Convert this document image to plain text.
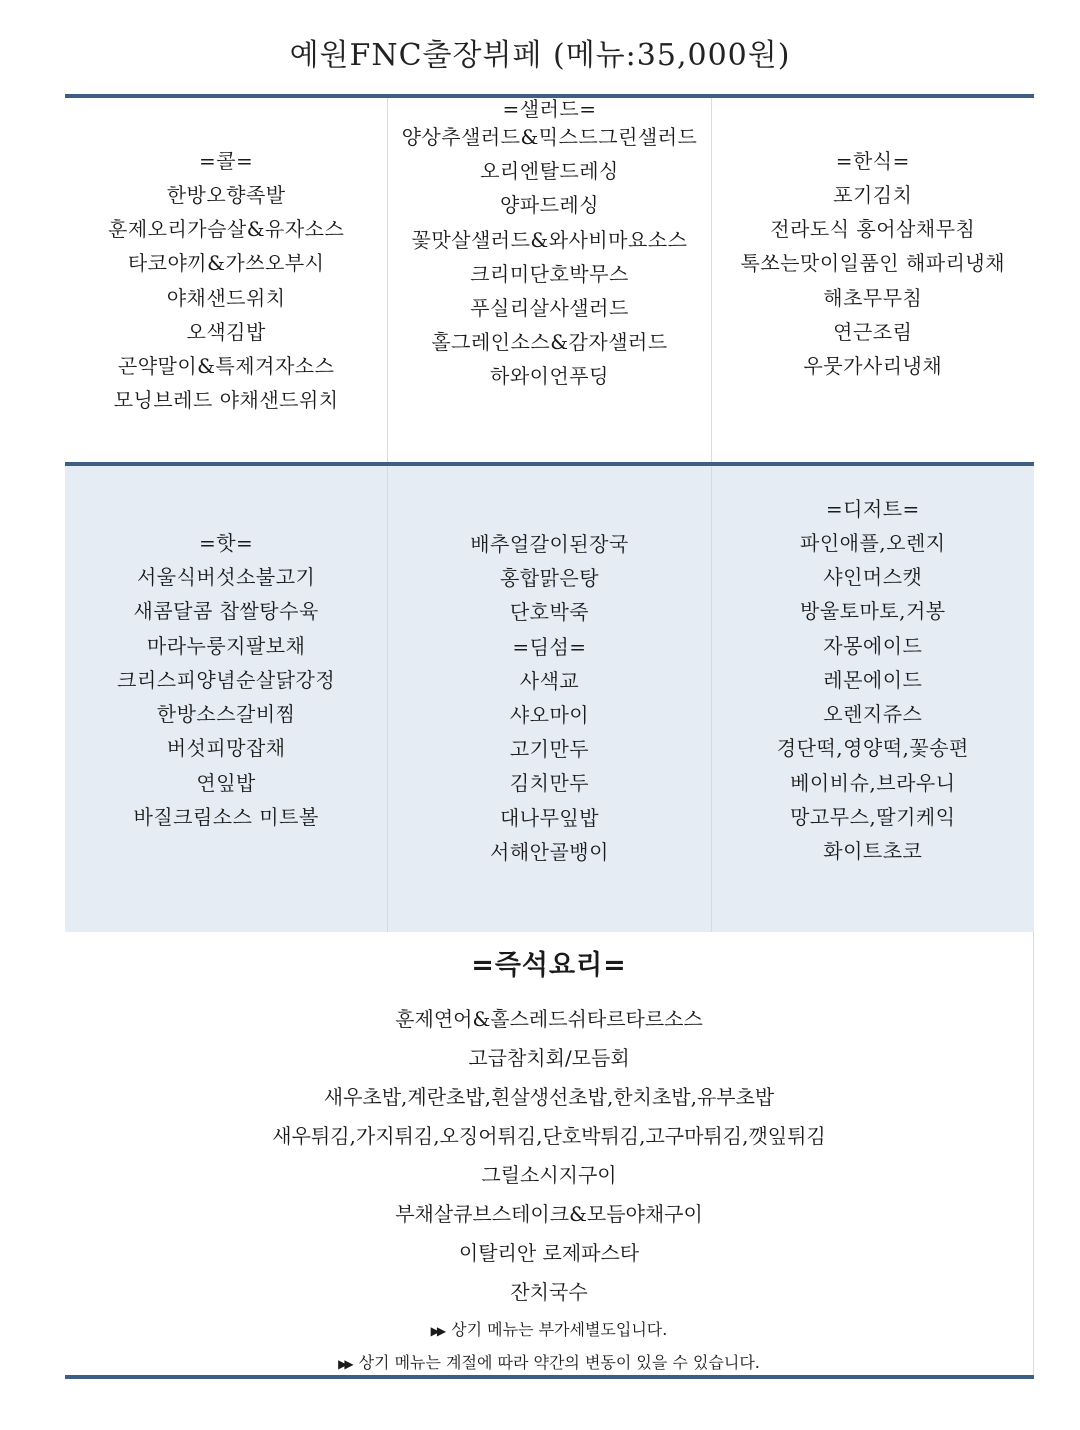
예원FNC출장뷔페 (메뉴:35,000원)
=콜=
한방오향족발
훈제오리가슴살&유자소스
타코야끼&가쓰오부시
야채샌드위치
오색김밥
곤약말이&특제겨자소스
모닝브레드 야채샌드위치
=샐러드=
양상추샐러드&믹스드그린샐러드
오리엔탈드레싱
양파드레싱
꽃맛살샐러드&와사비마요소스
크리미단호박무스
푸실리살사샐러드
홀그레인소스&감자샐러드
하와이언푸딩
=한식=
포기김치
전라도식 홍어삼채무침
톡쏘는맛이일품인 해파리냉채
해초무무침
연근조림
우뭇가사리냉채
=핫=
서울식버섯소불고기
새콤달콤 찹쌀탕수육
마라누룽지팔보채
크리스피양념순살닭강정
한방소스갈비찜
버섯피망잡채
연잎밥
바질크림소스 미트볼
배추얼갈이된장국
홍합맑은탕
단호박죽
=딤섬=
사색교
샤오마이
고기만두
김치만두
대나무잎밥
서해안골뱅이
=디저트=
파인애플,오렌지
샤인머스캣
방울토마토,거봉
자몽에이드
레몬에이드
오렌지쥬스
경단떡,영양떡,꽃송편
베이비슈,브라우니
망고무스,딸기케익
화이트초코
=즉석요리=
훈제연어&홀스레드쉬타르타르소스
고급참치회/모듬회
새우초밥,계란초밥,흰살생선초밥,한치초밥,유부초밥
새우튀김,가지튀김,오징어튀김,단호박튀김,고구마튀김,깻잎튀김
그릴소시지구이
부채살큐브스테이크&모듬야채구이
이탈리안 로제파스타
잔치국수
▶▶ 상기 메뉴는 부가세별도입니다.
▶▶ 상기 메뉴는 계절에 따라 약간의 변동이 있을 수 있습니다.
